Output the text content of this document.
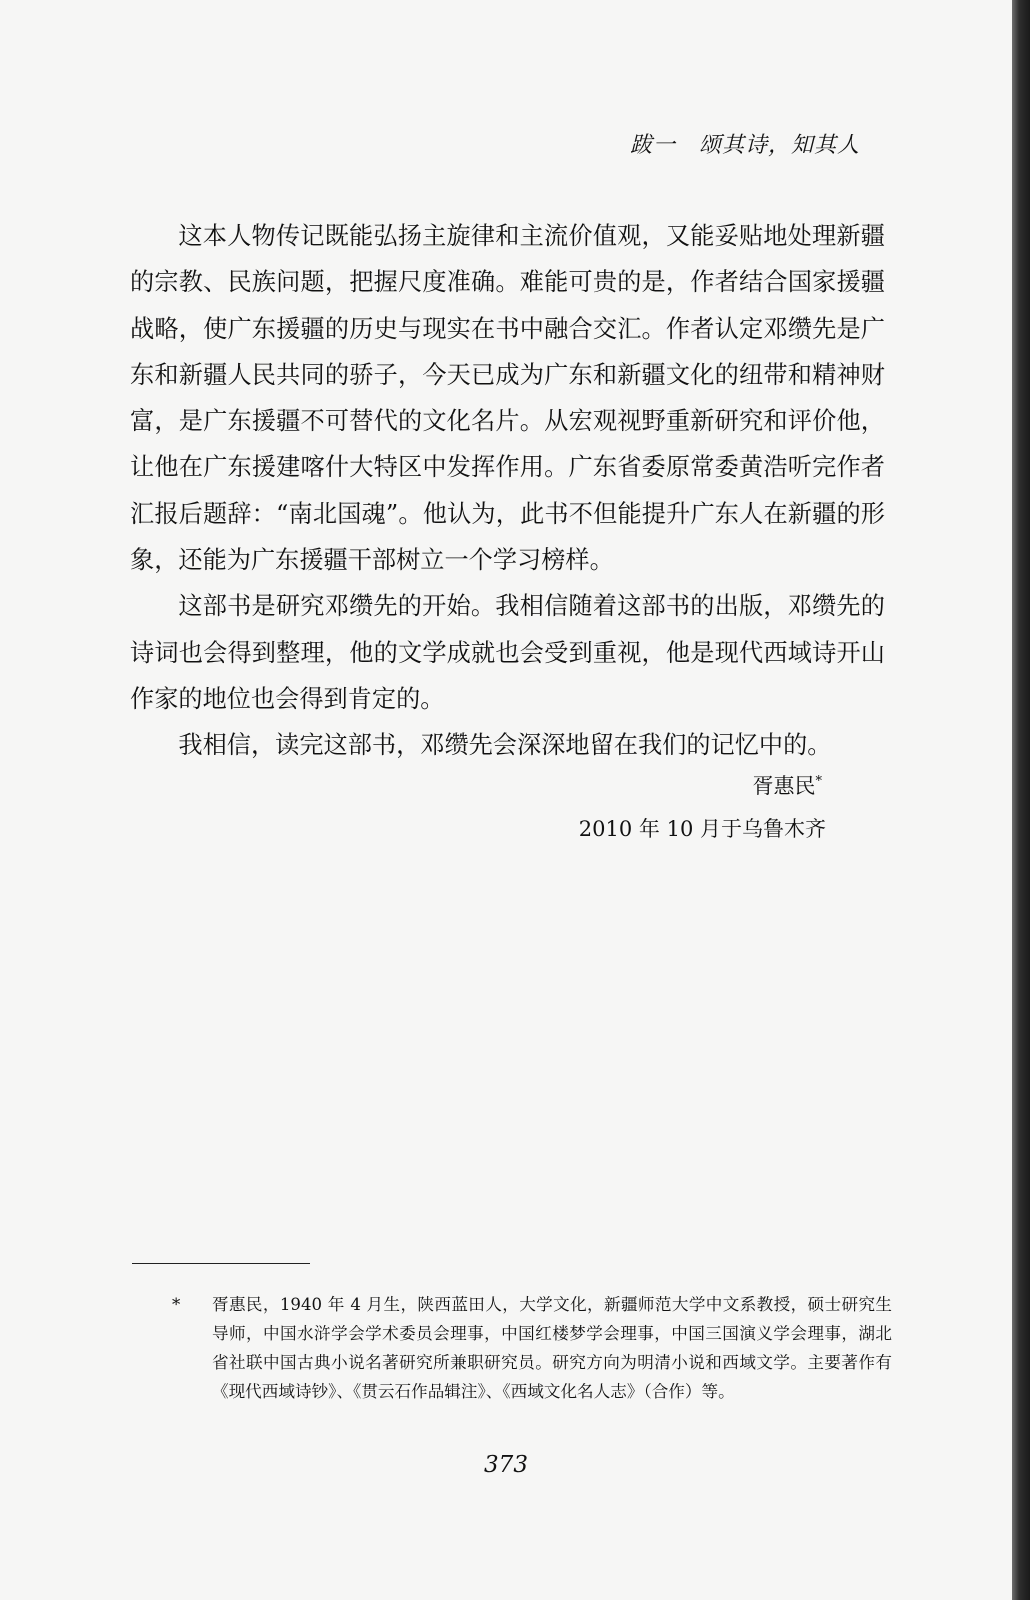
跋一　颂其诗，知其人

这本人物传记既能弘扬主旋律和主流价值观，又能妥贴地处理新疆的宗教、民族问题，把握尺度准确。难能可贵的是，作者结合国家援疆战略，使广东援疆的历史与现实在书中融合交汇。作者认定邓缵先是广东和新疆人民共同的骄子，今天已成为广东和新疆文化的纽带和精神财富，是广东援疆不可替代的文化名片。从宏观视野重新研究和评价他，让他在广东援建喀什大特区中发挥作用。广东省委原常委黄浩听完作者汇报后题辞：“南北国魂”。他认为，此书不但能提升广东人在新疆的形象，还能为广东援疆干部树立一个学习榜样。

这部书是研究邓缵先的开始。我相信随着这部书的出版，邓缵先的诗词也会得到整理，他的文学成就也会受到重视，他是现代西域诗开山作家的地位也会得到肯定的。

我相信，读完这部书，邓缵先会深深地留在我们的记忆中的。

胥惠民*
2010 年 10 月于乌鲁木齐
* 胥惠民，1940 年 4 月生，陕西蓝田人，大学文化，新疆师范大学中文系教授，硕士研究生导师，中国水浒学会学术委员会理事，中国红楼梦学会理事，中国三国演义学会理事，湖北省社联中国古典小说名著研究所兼职研究员。研究方向为明清小说和西域文学。主要著作有《现代西域诗钞》、《贯云石作品辑注》、《西域文化名人志》（合作）等。
373
